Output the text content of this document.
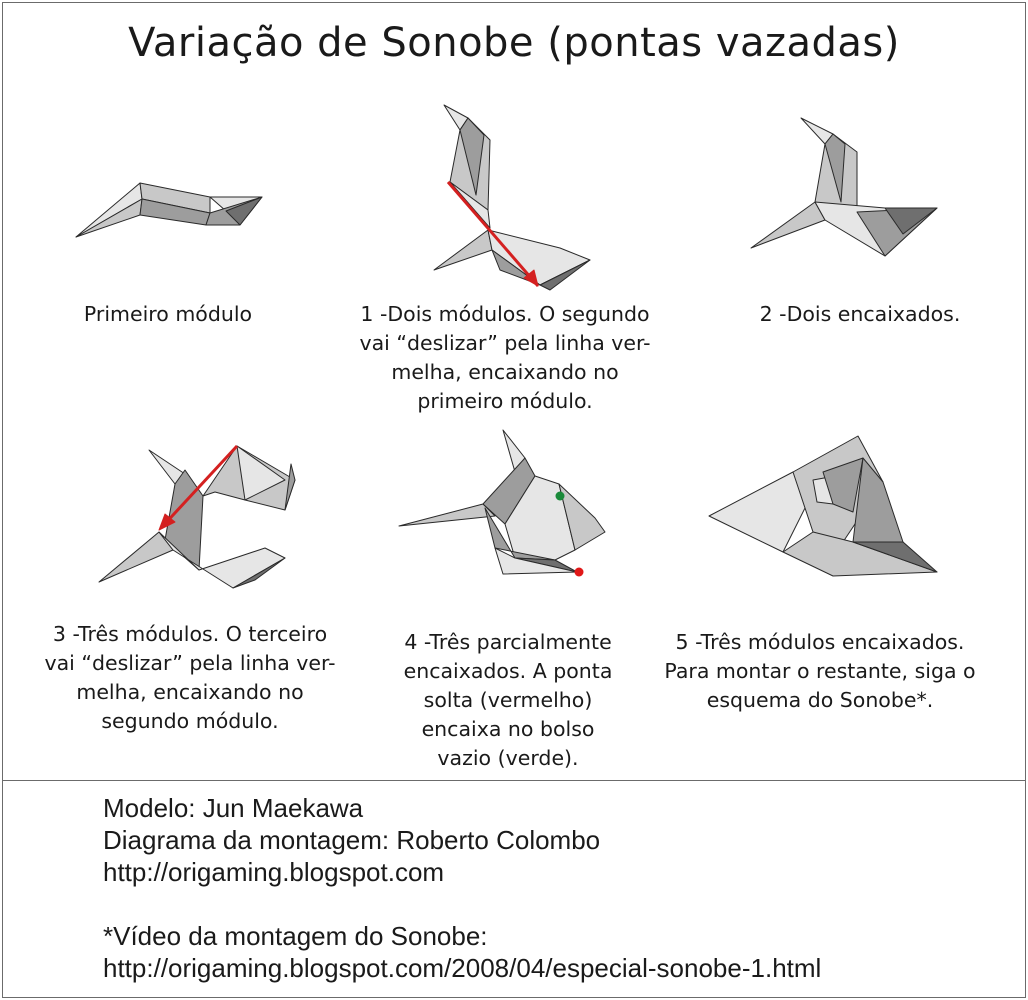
Variação de Sonobe (pontas vazadas)
Primeiro módulo	1 -Dois módulos. O segundo
vai “deslizar” pela linha ver-
melha, encaixando no
primeiro módulo.
2 -Dois encaixados.
3 -Três módulos. O terceiro
vai “deslizar” pela linha ver-
melha, encaixando no
segundo módulo.
4 -Três parcialmente
encaixados. A ponta
solta (vermelho)
encaixa no bolso
vazio (verde).
5 -Três módulos encaixados.
Para montar o restante, siga o
esquema do Sonobe*.
Modelo: Jun Maekawa
Diagrama da montagem: Roberto Colombo
http://origaming.blogspot.com
*Vídeo da montagem do Sonobe:
http://origaming.blogspot.com/2008/04/especial-sonobe-1.html
